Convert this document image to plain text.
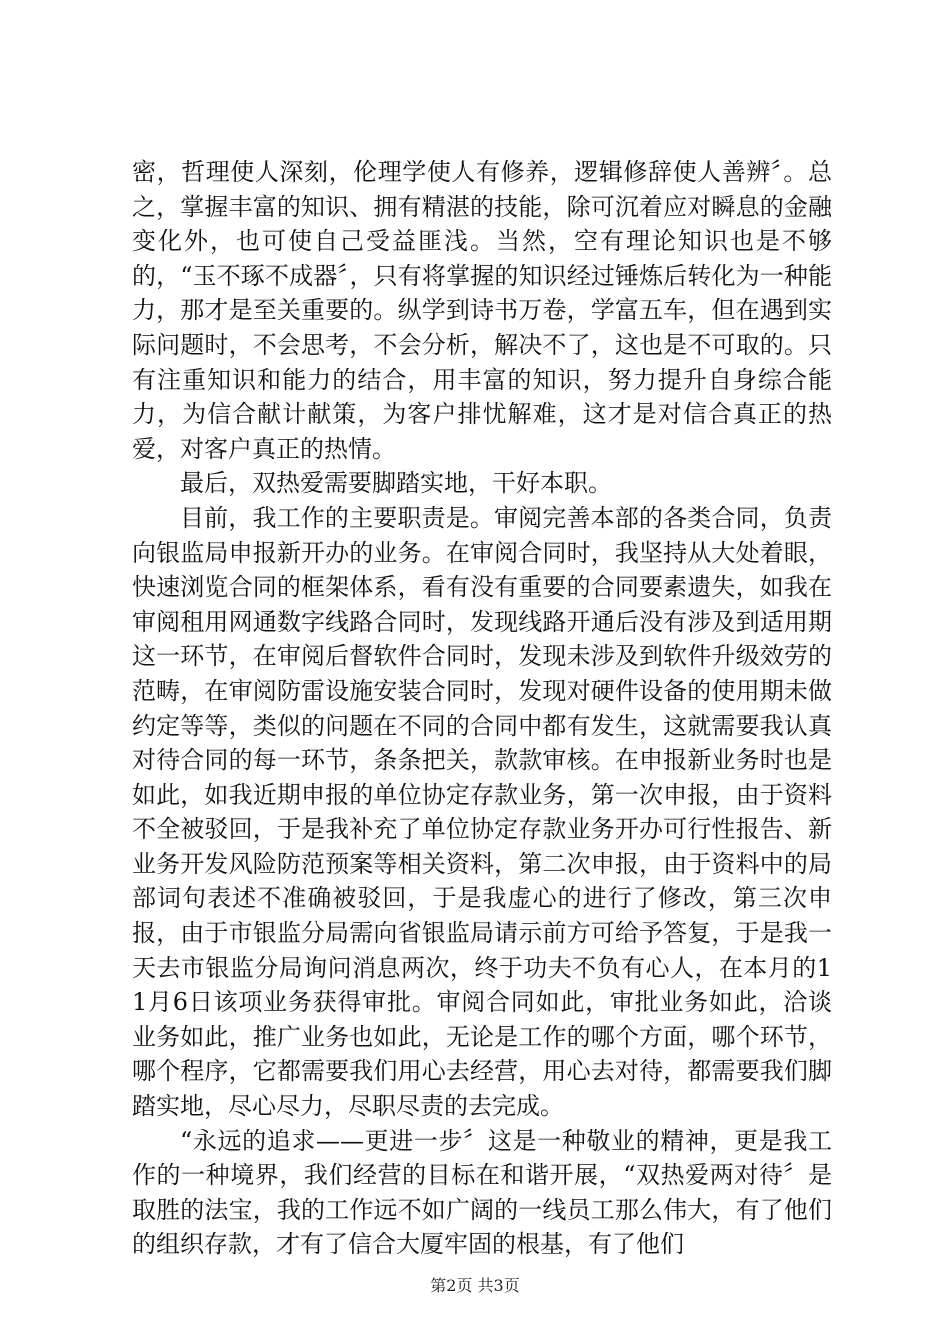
密，哲理使人深刻，伦理学使人有修养，逻辑修辞使人善辨〞。总之，掌握丰富的知识、拥有精湛的技能，除可沉着应对瞬息的金融变化外，也可使自己受益匪浅。当然，空有理论知识也是不够的，“玉不琢不成器〞，只有将掌握的知识经过锤炼后转化为一种能力，那才是至关重要的。纵学到诗书万卷，学富五车，但在遇到实际问题时，不会思考，不会分析，解决不了，这也是不可取的。只有注重知识和能力的结合，用丰富的知识，努力提升自身综合能力，为信合献计献策，为客户排忧解难，这才是对信合真正的热爱，对客户真正的热情。

最后，双热爱需要脚踏实地，干好本职。

目前，我工作的主要职责是。审阅完善本部的各类合同，负责向银监局申报新开办的业务。在审阅合同时，我坚持从大处着眼，快速浏览合同的框架体系，看有没有重要的合同要素遗失，如我在审阅租用网通数字线路合同时，发现线路开通后没有涉及到适用期这一环节，在审阅后督软件合同时，发现未涉及到软件升级效劳的范畴，在审阅防雷设施安装合同时，发现对硬件设备的使用期未做约定等等，类似的问题在不同的合同中都有发生，这就需要我认真对待合同的每一环节，条条把关，款款审核。在申报新业务时也是如此，如我近期申报的单位协定存款业务，第一次申报，由于资料不全被驳回，于是我补充了单位协定存款业务开办可行性报告、新业务开发风险防范预案等相关资料，第二次申报，由于资料中的局部词句表述不准确被驳回，于是我虚心的进行了修改，第三次申报，由于市银监分局需向省银监局请示前方可给予答复，于是我一天去市银监分局询问消息两次，终于功夫不负有心人，在本月的11月6日该项业务获得审批。审阅合同如此，审批业务如此，洽谈业务如此，推广业务也如此，无论是工作的哪个方面，哪个环节，哪个程序，它都需要我们用心去经营，用心去对待，都需要我们脚踏实地，尽心尽力，尽职尽责的去完成。

“永远的追求——更进一步〞这是一种敬业的精神，更是我工作的一种境界，我们经营的目标在和谐开展，“双热爱两对待〞是取胜的法宝，我的工作远不如广阔的一线员工那么伟大，有了他们的组织存款，才有了信合大厦牢固的根基，有了他们

第2页 共3页
